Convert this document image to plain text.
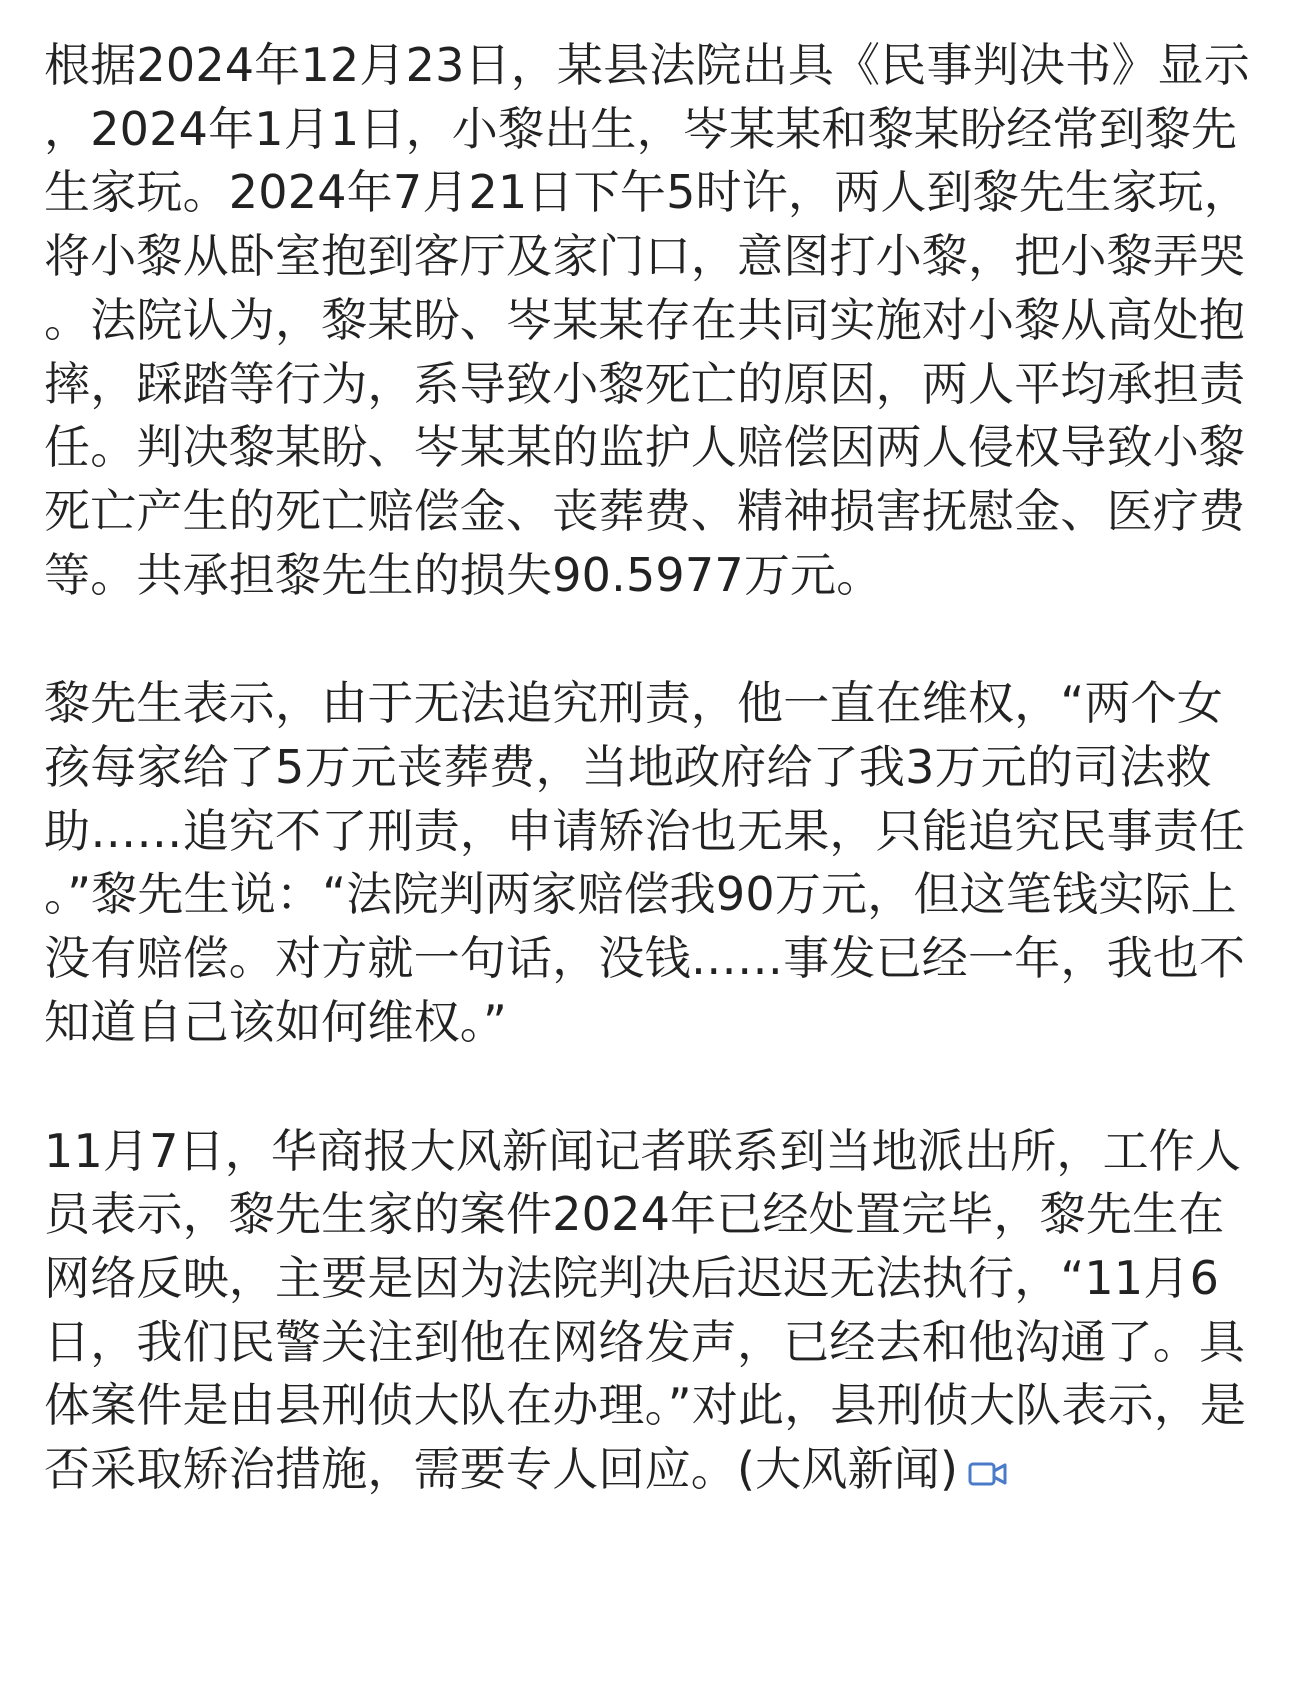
根据2024年12月23日，某县法院出具《民事判决书》显示，2024年1月1日，小黎出生，岑某某和黎某盼经常到黎先生家玩。2024年7月21日下午5时许，两人到黎先生家玩，将小黎从卧室抱到客厅及家门口，意图打小黎，把小黎弄哭。法院认为，黎某盼、岑某某存在共同实施对小黎从高处抱摔，踩踏等行为，系导致小黎死亡的原因，两人平均承担责任。判决黎某盼、岑某某的监护人赔偿因两人侵权导致小黎死亡产生的死亡赔偿金、丧葬费、精神损害抚慰金、医疗费等。共承担黎先生的损失90.5977万元。

黎先生表示，由于无法追究刑责，他一直在维权，“两个女孩每家给了5万元丧葬费，当地政府给了我3万元的司法救助……追究不了刑责，申请矫治也无果，只能追究民事责任。”黎先生说：“法院判两家赔偿我90万元，但这笔钱实际上没有赔偿。对方就一句话，没钱……事发已经一年，我也不知道自己该如何维权。”

11月7日，华商报大风新闻记者联系到当地派出所，工作人员表示，黎先生家的案件2024年已经处置完毕，黎先生在网络反映，主要是因为法院判决后迟迟无法执行，“11月6日，我们民警关注到他在网络发声，已经去和他沟通了。具体案件是由县刑侦大队在办理。”对此，县刑侦大队表示，是否采取矫治措施，需要专人回应。(大风新闻)
